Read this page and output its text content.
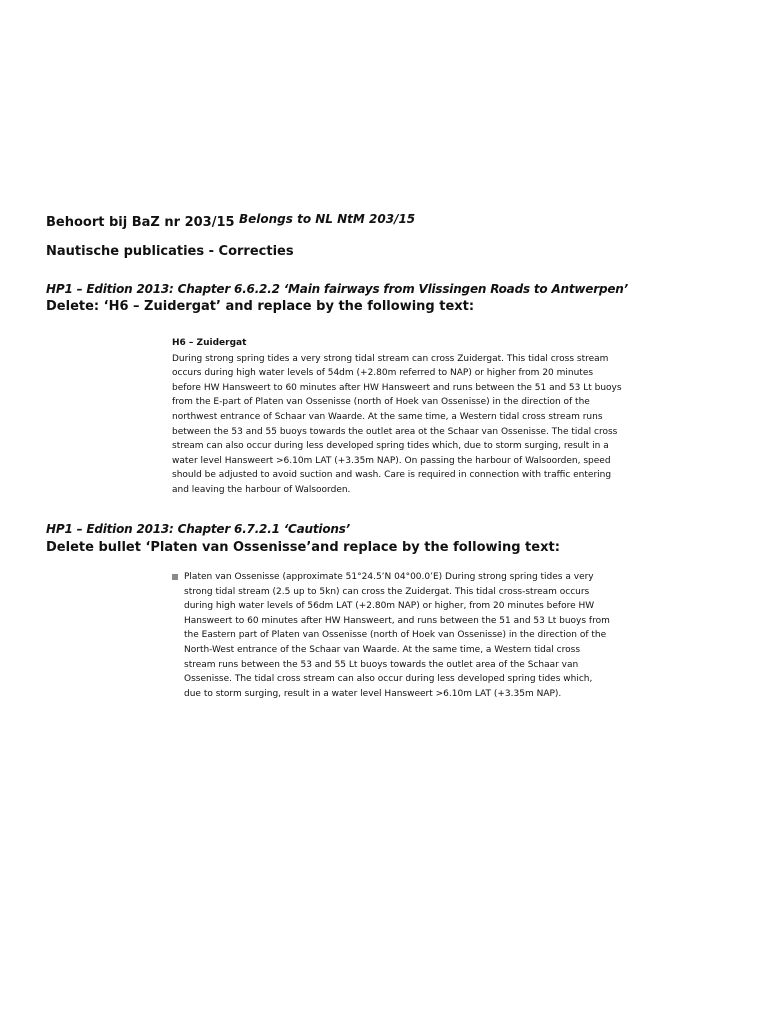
Behoort bij BaZ nr 203/15 Belongs to NL NtM 203/15
Nautische publicaties - Correcties
HP1 – Edition 2013: Chapter 6.6.2.2 ‘Main fairways from Vlissingen Roads to Antwerpen’
Delete: ‘H6 – Zuidergat’ and replace by the following text:
H6 – Zuidergat

During strong spring tides a very strong tidal stream can cross Zuidergat. This tidal cross stream occurs during high water levels of 54dm (+2.80m referred to NAP) or higher from 20 minutes before HW Hansweert to 60 minutes after HW Hansweert and runs between the 51 and 53 Lt buoys from the E-part of Platen van Ossenisse (north of Hoek van Ossenisse) in the direction of the northwest entrance of Schaar van Waarde. At the same time, a Western tidal cross stream runs between the 53 and 55 buoys towards the outlet area ot the Schaar van Ossenisse. The tidal cross stream can also occur during less developed spring tides which, due to storm surging, result in a water level Hansweert >6.10m LAT (+3.35m NAP). On passing the harbour of Walsoorden, speed should be adjusted to avoid suction and wash. Care is required in connection with traffic entering and leaving the harbour of Walsoorden.

HP1 – Edition 2013: Chapter 6.7.2.1 ‘Cautions’
Delete bullet ‘Platen van Ossenisse’and replace by the following text:
Platen van Ossenisse (approximate 51°24.5’N 04°00.0’E) During strong spring tides a very strong tidal stream (2.5 up to 5kn) can cross the Zuidergat. This tidal cross-stream occurs during high water levels of 56dm LAT (+2.80m NAP) or higher, from 20 minutes before HW Hansweert to 60 minutes after HW Hansweert, and runs between the 51 and 53 Lt buoys from the Eastern part of Platen van Ossenisse (north of Hoek van Ossenisse) in the direction of the North-West entrance of the Schaar van Waarde. At the same time, a Western tidal cross stream runs between the 53 and 55 Lt buoys towards the outlet area of the Schaar van Ossenisse. The tidal cross stream can also occur during less developed spring tides which, due to storm surging, result in a water level Hansweert >6.10m LAT (+3.35m NAP).
